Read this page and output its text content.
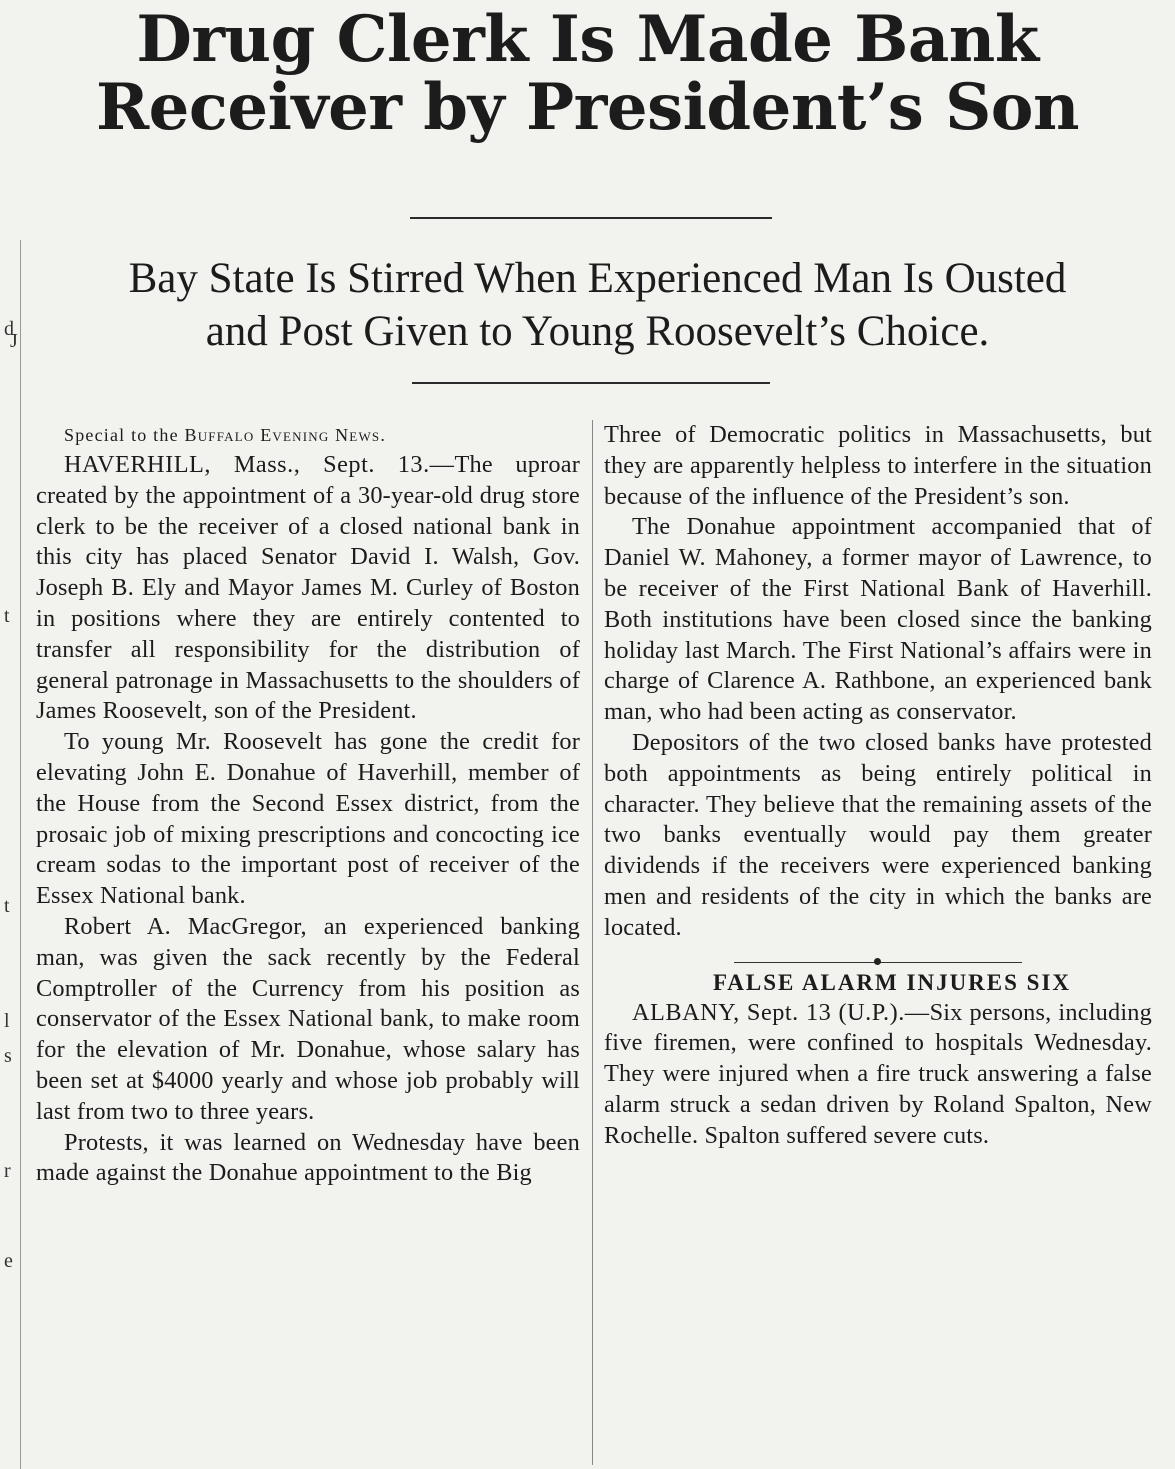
Drug Clerk Is Made Bank
Receiver by President’s Son
Bay State Is Stirred When Experienced Man Is Ousted
and Post Given to Young Roosevelt’s Choice.
d
J
t
t
l
s
r
e

Special to the Buffalo Evening News.

HAVERHILL, Mass., Sept. 13.—The uproar created by the appointment of a 30-year-old drug store clerk to be the receiver of a closed national bank in this city has placed Senator David I. Walsh, Gov. Joseph B. Ely and Mayor James M. Curley of Boston in positions where they are entirely contented to transfer all responsibility for the distribution of general patronage in Massachusetts to the shoulders of James Roosevelt, son of the President.

To young Mr. Roosevelt has gone the credit for elevating John E. Donahue of Haverhill, member of the House from the Second Essex district, from the prosaic job of mixing prescriptions and concocting ice cream sodas to the important post of receiver of the Essex National bank.

Robert A. MacGregor, an experienced banking man, was given the sack recently by the Federal Comptroller of the Currency from his position as conservator of the Essex National bank, to make room for the elevation of Mr. Donahue, whose salary has been set at $4000 yearly and whose job probably will last from two to three years.

Protests, it was learned on Wednesday have been made against the Donahue appointment to the Big

Three of Democratic politics in Massachusetts, but they are apparently helpless to interfere in the situation because of the influence of the President’s son.

The Donahue appointment accompanied that of Daniel W. Mahoney, a former mayor of Lawrence, to be receiver of the First National Bank of Haverhill. Both institutions have been closed since the banking holiday last March. The First National’s affairs were in charge of Clarence A. Rathbone, an experienced bank man, who had been acting as conservator.

Depositors of the two closed banks have protested both appointments as being entirely political in character. They believe that the remaining assets of the two banks eventually would pay them greater dividends if the receivers were experienced banking men and residents of the city in which the banks are located.

FALSE ALARM INJURES SIX

ALBANY, Sept. 13 (U.P.).—Six persons, including five firemen, were confined to hospitals Wednesday. They were injured when a fire truck answering a false alarm struck a sedan driven by Roland Spalton, New Rochelle. Spalton suffered severe cuts.
